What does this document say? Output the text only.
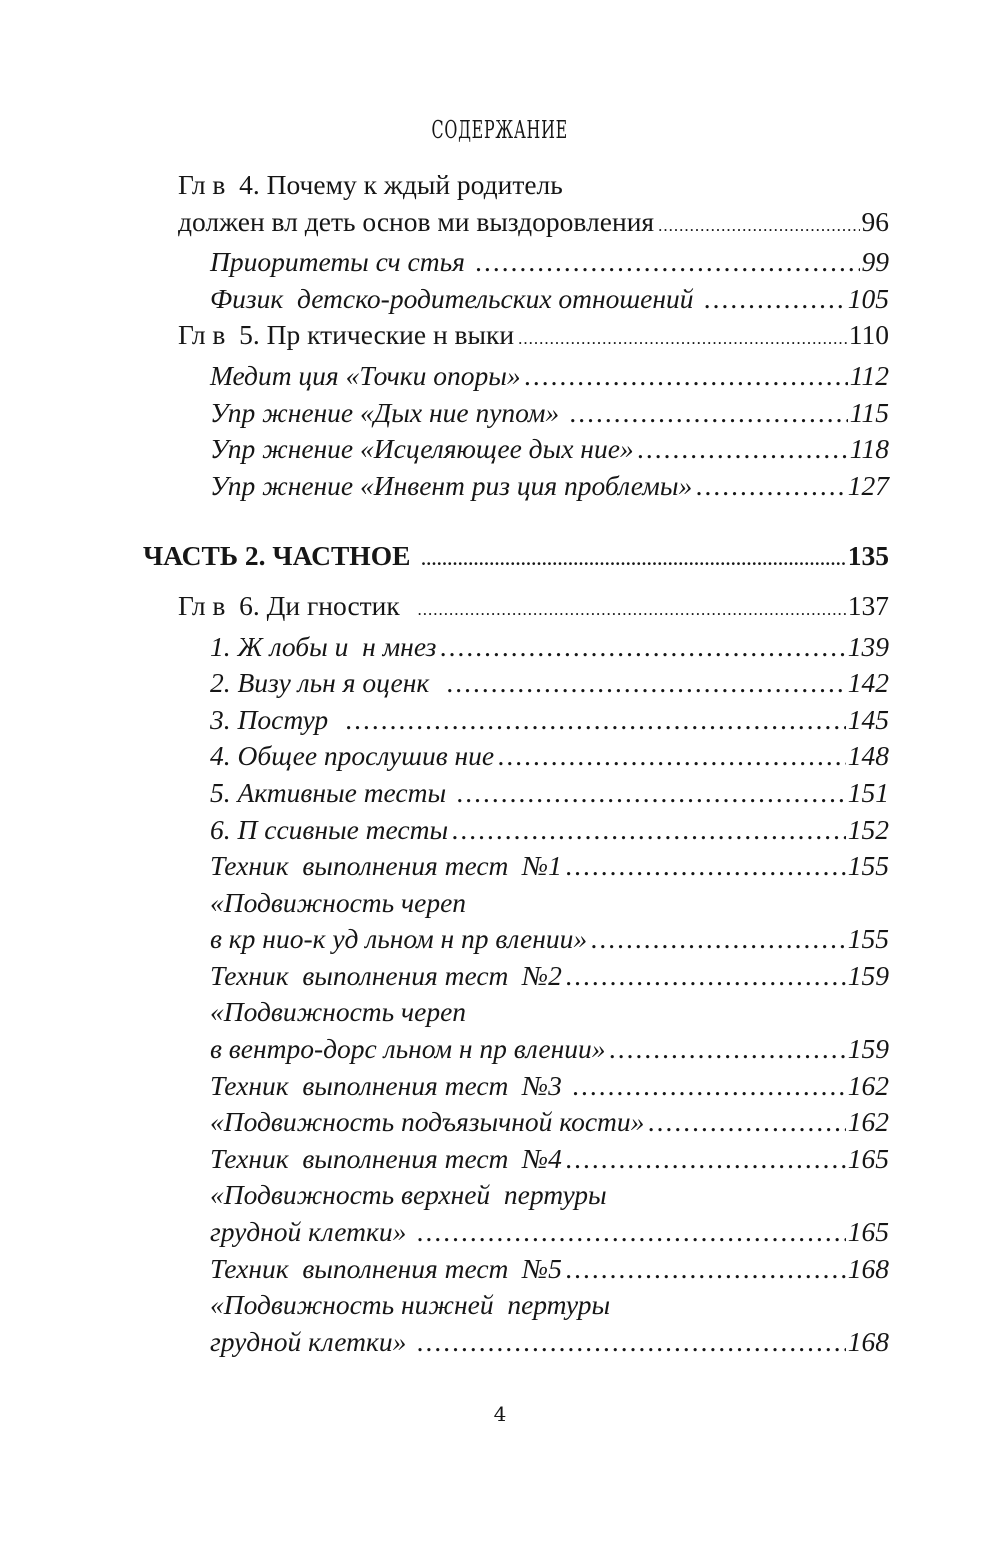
СОДЕРЖАНИЕ
Гл в  4. Почему к ждый родитель
должен вл деть основ ми выздоровления .....	96
Приоритеты сч стья .....	99
Физик  детско-родительских отношений .....	105
Гл в  5. Пр ктические н выки .....	110
Медит ция «Точки опоры» .....	112
Упр жнение «Дых ние пупом» .....	115
Упр жнение «Исцеляющее дых ние» .....	118
Упр жнение «Инвент риз ция проблемы» .....	127
ЧАСТЬ 2. ЧАСТНОЕ .....	135
Гл в  6. Ди гностик .....	137
1. Ж лобы и  н мнез .....	139
2. Визу льн я оценк .....	142
3. Постур .....	145
4. Общее прослушив ние .....	148
5. Активные тесты .....	151
6. П ссивные тесты .....	152
Техник  выполнения тест  №1 .....	155
«Подвижность череп
в кр нио-к уд льном н пр влении» .....	155
Техник  выполнения тест  №2 .....	159
«Подвижность череп
в вентро-дорс льном н пр влении» .....	159
Техник  выполнения тест  №3 .....	162
«Подвижность подъязычной кости» .....	162
Техник  выполнения тест  №4 .....	165
«Подвижность верхней  пертуры
грудной клетки» .....	165
Техник  выполнения тест  №5 .....	168
«Подвижность нижней  пертуры
грудной клетки» .....	168
4
